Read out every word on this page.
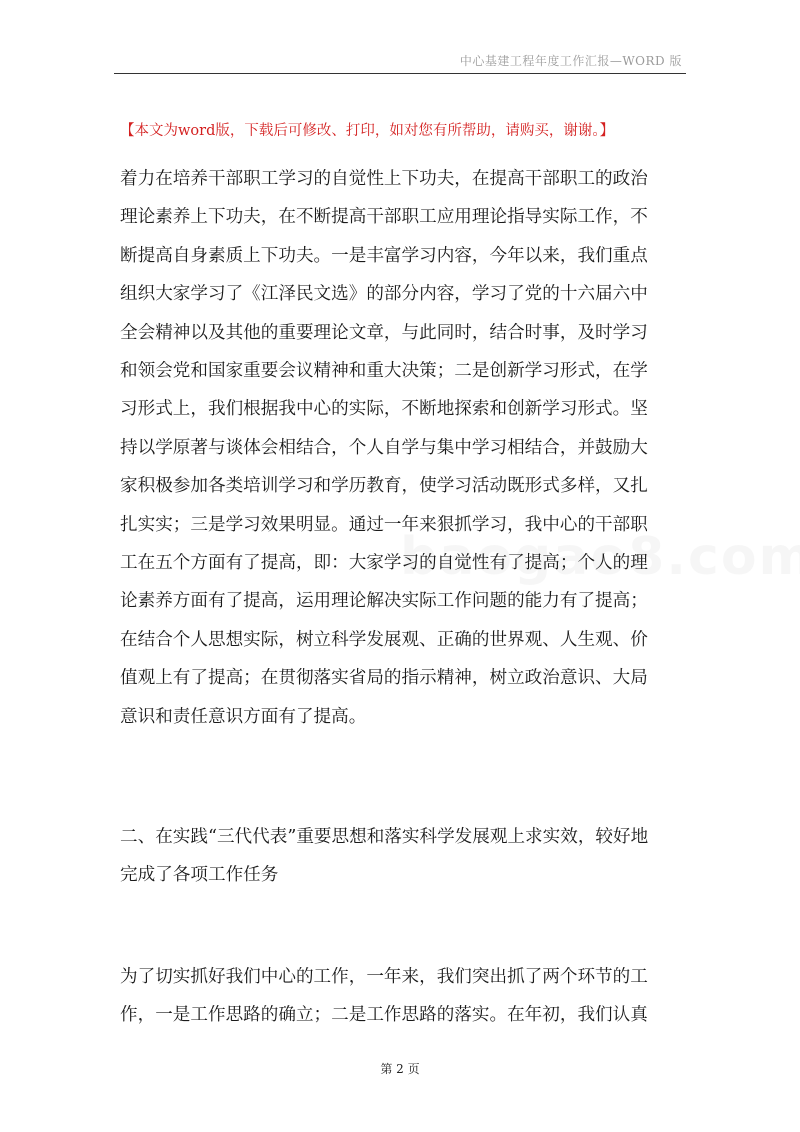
中心基建工程年度工作汇报—WORD 版
【本文为word版，下载后可修改、打印，如对您有所帮助，请购买，谢谢。】
着力在培养干部职工学习的自觉性上下功夫，在提高干部职工的政治
理论素养上下功夫，在不断提高干部职工应用理论指导实际工作，不
断提高自身素质上下功夫。一是丰富学习内容，今年以来，我们重点
组织大家学习了《江泽民文选》的部分内容，学习了党的十六届六中
全会精神以及其他的重要理论文章，与此同时，结合时事，及时学习
和领会党和国家重要会议精神和重大决策；二是创新学习形式，在学
习形式上，我们根据我中心的实际，不断地探索和创新学习形式。坚
持以学原著与谈体会相结合，个人自学与集中学习相结合，并鼓励大
家积极参加各类培训学习和学历教育，使学习活动既形式多样，又扎
扎实实；三是学习效果明显。通过一年来狠抓学习，我中心的干部职
工在五个方面有了提高，即：大家学习的自觉性有了提高；个人的理
论素养方面有了提高，运用理论解决实际工作问题的能力有了提高；
在结合个人思想实际，树立科学发展观、正确的世界观、人生观、价
值观上有了提高；在贯彻落实省局的指示精神，树立政治意识、大局
意识和责任意识方面有了提高。
二、在实践“三代代表”重要思想和落实科学发展观上求实效，较好地
完成了各项工作任务
为了切实抓好我们中心的工作，一年来，我们突出抓了两个环节的工
作，一是工作思路的确立；二是工作思路的落实。在年初，我们认真
第 2 页
